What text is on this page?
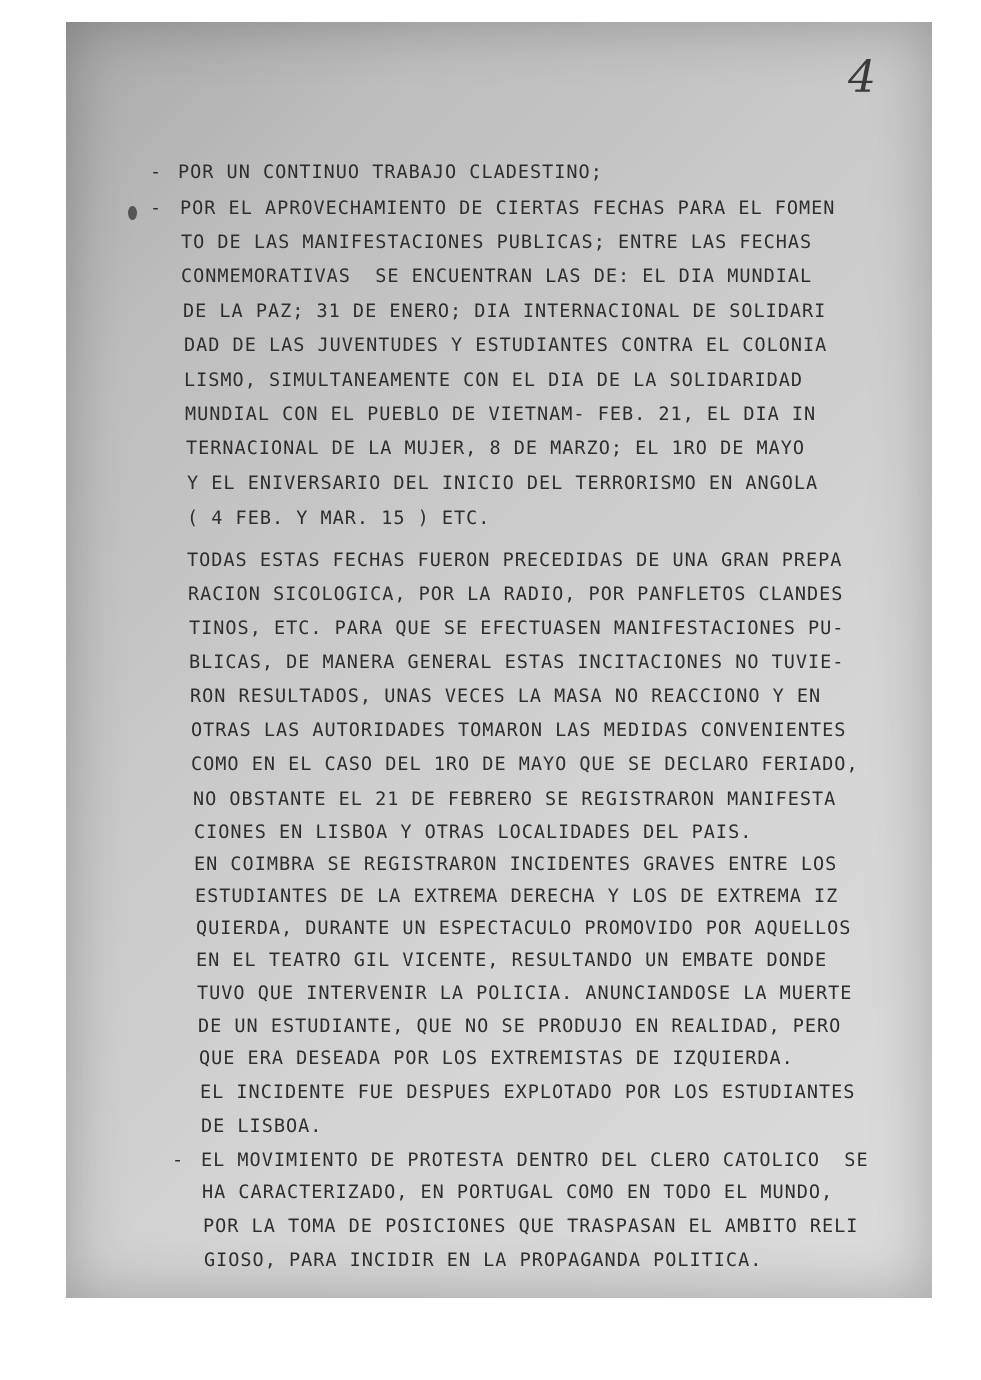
4
- POR UN CONTINUO TRABAJO CLADESTINO;
- POR EL APROVECHAMIENTO DE CIERTAS FECHAS PARA EL FOMEN
TO DE LAS MANIFESTACIONES PUBLICAS; ENTRE LAS FECHAS
CONMEMORATIVAS  SE ENCUENTRAN LAS DE: EL DIA MUNDIAL
DE LA PAZ; 31 DE ENERO; DIA INTERNACIONAL DE SOLIDARI
DAD DE LAS JUVENTUDES Y ESTUDIANTES CONTRA EL COLONIA
LISMO, SIMULTANEAMENTE CON EL DIA DE LA SOLIDARIDAD
MUNDIAL CON EL PUEBLO DE VIETNAM- FEB. 21, EL DIA IN
TERNACIONAL DE LA MUJER, 8 DE MARZO; EL 1RO DE MAYO
Y EL ENIVERSARIO DEL INICIO DEL TERRORISMO EN ANGOLA
( 4 FEB. Y MAR. 15 ) ETC.
TODAS ESTAS FECHAS FUERON PRECEDIDAS DE UNA GRAN PREPA
RACION SICOLOGICA, POR LA RADIO, POR PANFLETOS CLANDES
TINOS, ETC. PARA QUE SE EFECTUASEN MANIFESTACIONES PU-
BLICAS, DE MANERA GENERAL ESTAS INCITACIONES NO TUVIE-
RON RESULTADOS, UNAS VECES LA MASA NO REACCIONO Y EN
OTRAS LAS AUTORIDADES TOMARON LAS MEDIDAS CONVENIENTES
COMO EN EL CASO DEL 1RO DE MAYO QUE SE DECLARO FERIADO,
NO OBSTANTE EL 21 DE FEBRERO SE REGISTRARON MANIFESTA
CIONES EN LISBOA Y OTRAS LOCALIDADES DEL PAIS.
EN COIMBRA SE REGISTRARON INCIDENTES GRAVES ENTRE LOS
ESTUDIANTES DE LA EXTREMA DERECHA Y LOS DE EXTREMA IZ
QUIERDA, DURANTE UN ESPECTACULO PROMOVIDO POR AQUELLOS
EN EL TEATRO GIL VICENTE, RESULTANDO UN EMBATE DONDE
TUVO QUE INTERVENIR LA POLICIA. ANUNCIANDOSE LA MUERTE
DE UN ESTUDIANTE, QUE NO SE PRODUJO EN REALIDAD, PERO
QUE ERA DESEADA POR LOS EXTREMISTAS DE IZQUIERDA.
EL INCIDENTE FUE DESPUES EXPLOTADO POR LOS ESTUDIANTES
DE LISBOA.
- EL MOVIMIENTO DE PROTESTA DENTRO DEL CLERO CATOLICO  SE
HA CARACTERIZADO, EN PORTUGAL COMO EN TODO EL MUNDO,
POR LA TOMA DE POSICIONES QUE TRASPASAN EL AMBITO RELI
GIOSO, PARA INCIDIR EN LA PROPAGANDA POLITICA.
